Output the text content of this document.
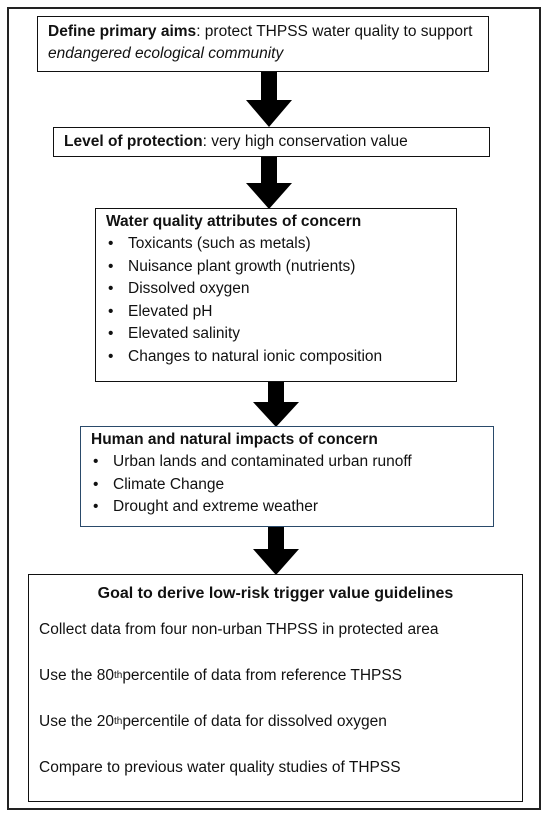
Define primary aims: protect THPSS water quality to support endangered ecological community
Level of protection: very high conservation value
Water quality attributes of concern
• Toxicants (such as metals)
• Nuisance plant growth (nutrients)
• Dissolved oxygen
• Elevated pH
• Elevated salinity
• Changes to natural ionic composition
Human and natural impacts of concern
• Urban lands and contaminated urban runoff
• Climate Change
• Drought and extreme weather
Goal to derive low-risk trigger value guidelines
Collect data from four non-urban THPSS in protected area
Use the 80 th percentile of data from reference THPSS
Use the 20 th percentile of data for dissolved oxygen
Compare to previous water quality studies of THPSS
